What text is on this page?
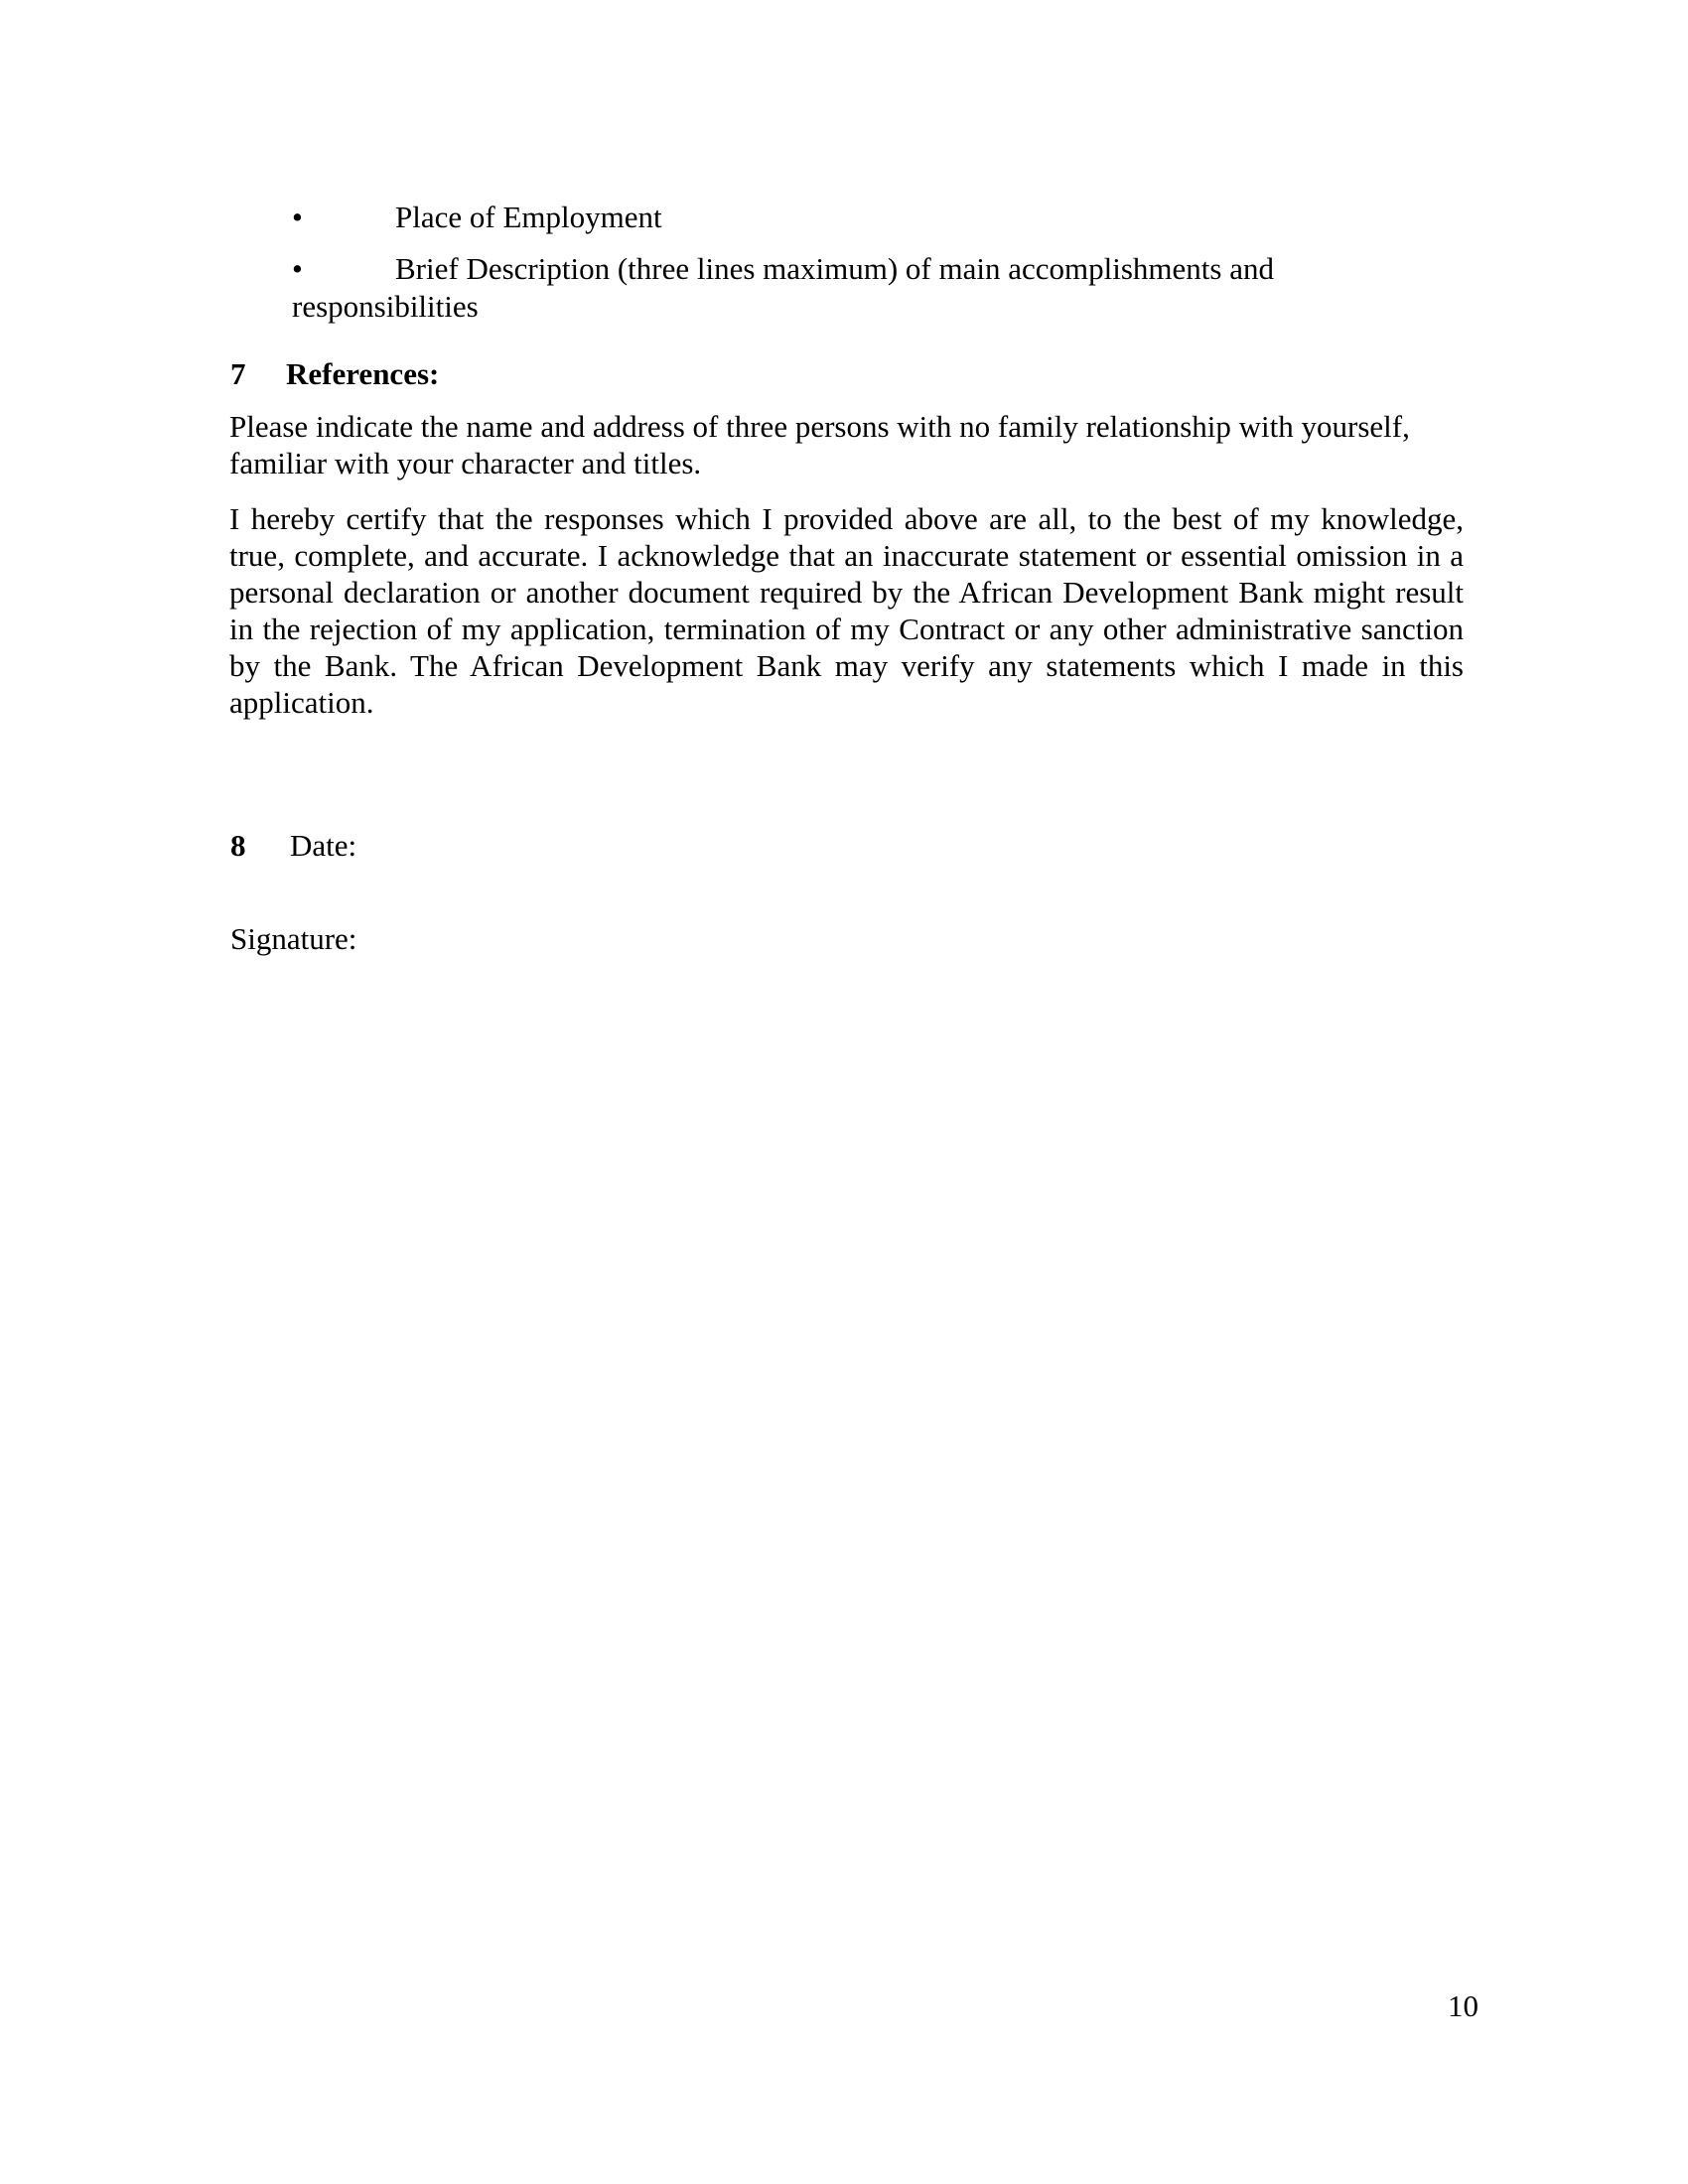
•	Place of Employment
•	Brief Description (three lines maximum) of main accomplishments and
responsibilities
7 References:
Please indicate the name and address of three persons with no family relationship with yourself, familiar with your character and titles.
I hereby certify that the responses which I provided above are all, to the best of my knowledge, true, complete, and accurate. I acknowledge that an inaccurate statement or essential omission in a personal declaration or another document required by the African Development Bank might result in the rejection of my application, termination of my Contract or any other administrative sanction by the Bank. The African Development Bank may verify any statements which I made in this application.
8 Date:
Signature:
10
